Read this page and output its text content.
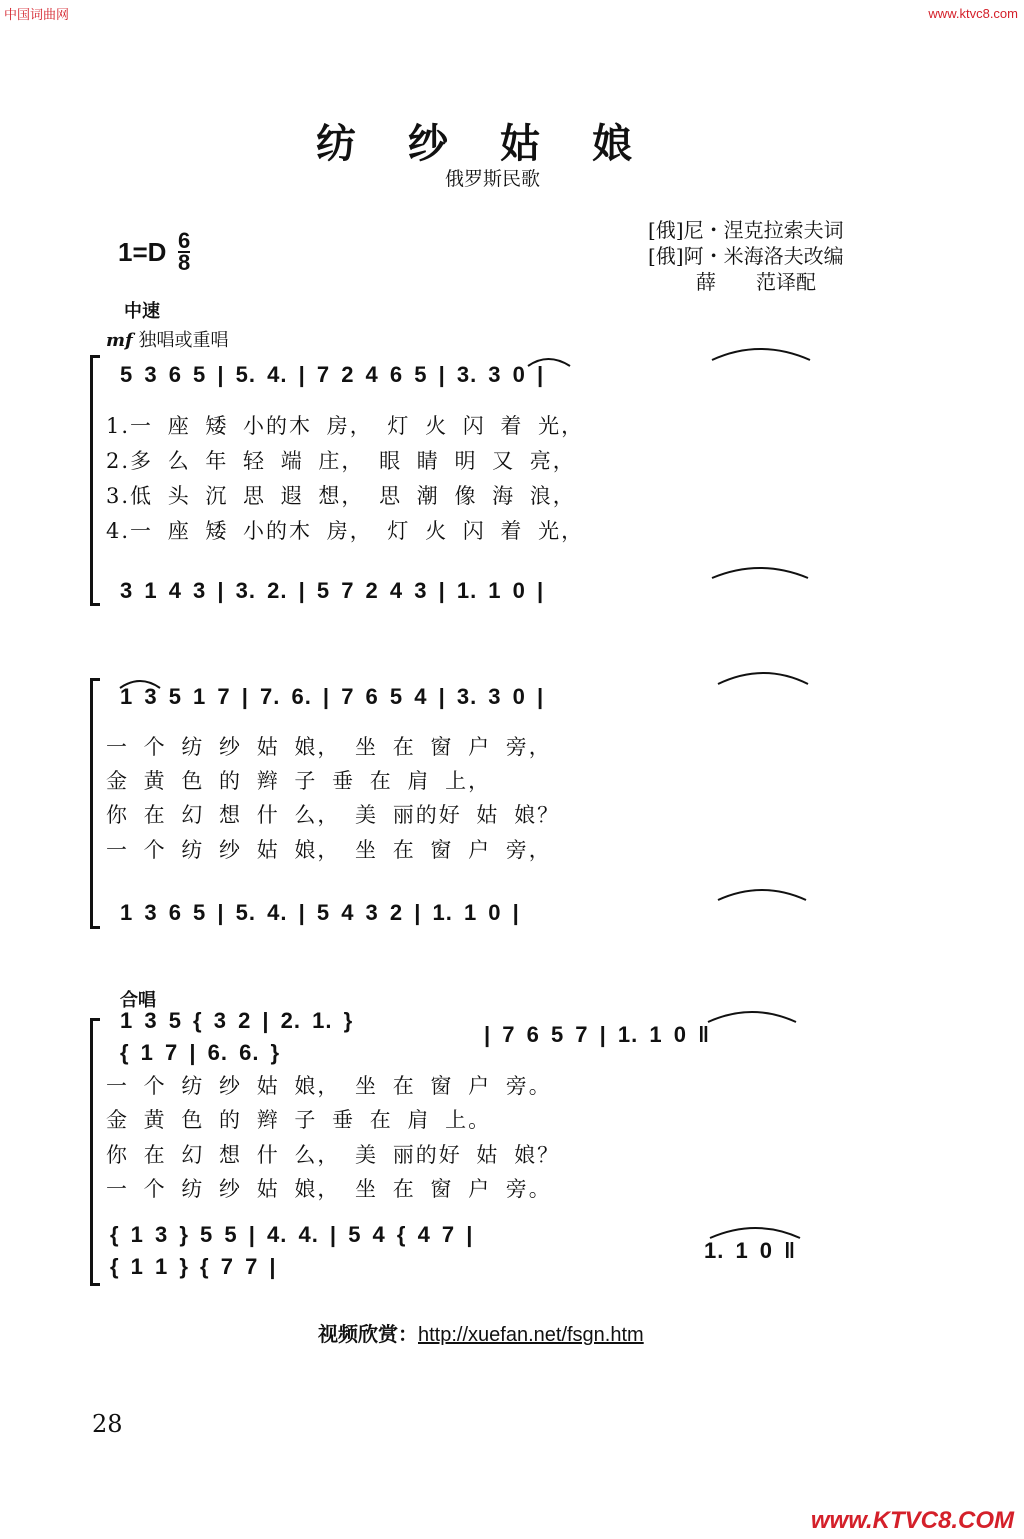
中国词曲网	www.ktvc8.com
纺纱姑娘
俄罗斯民歌
[俄]尼・涅克拉索夫词
[俄]阿・米海洛夫改编
薛　　范译配
1=D 6
8
中速
mf 独唱或重唱
5 3 6 5 | 5. 4. | 7 2 4 6 5 | 3. 3 0 |
1.一 座 矮 小的木 房， 灯 火 闪 着 光，
2.多 么 年 轻 端 庄， 眼 睛 明 又 亮，
3.低 头 沉 思 遐 想， 思 潮 像 海 浪，
4.一 座 矮 小的木 房， 灯 火 闪 着 光，
3 1 4 3 | 3. 2. | 5 7 2 4 3 | 1. 1 0 |
1 3 5 1 7 | 7. 6. | 7 6 5 4 | 3. 3 0 |
一 个 纺 纱 姑 娘， 坐 在 窗 户 旁，
金 黄 色 的 辫 子 垂 在 肩 上，
你 在 幻 想 什 么， 美 丽的好 姑 娘？
一 个 纺 纱 姑 娘， 坐 在 窗 户 旁，
1 3 6 5 | 5. 4. | 5 4 3 2 | 1. 1 0 |
合唱
1 3 5 { 3 2 | 2. 1. }
{ 1 7 | 6. 6. }
| 7 6 5 7 | 1. 1 0 ‖
一 个 纺 纱 姑 娘， 坐 在 窗 户 旁。
金 黄 色 的 辫 子 垂 在 肩 上。
你 在 幻 想 什 么， 美 丽的好 姑 娘？
一 个 纺 纱 姑 娘， 坐 在 窗 户 旁。
{ 1 3 } 5 5 | 4. 4. | 5 4 { 4 7 |
{ 1 1 } { 7 7 |
1. 1 0 ‖
视频欣赏：http://xuefan.net/fsgn.htm
28
www.KTVC8.COM
